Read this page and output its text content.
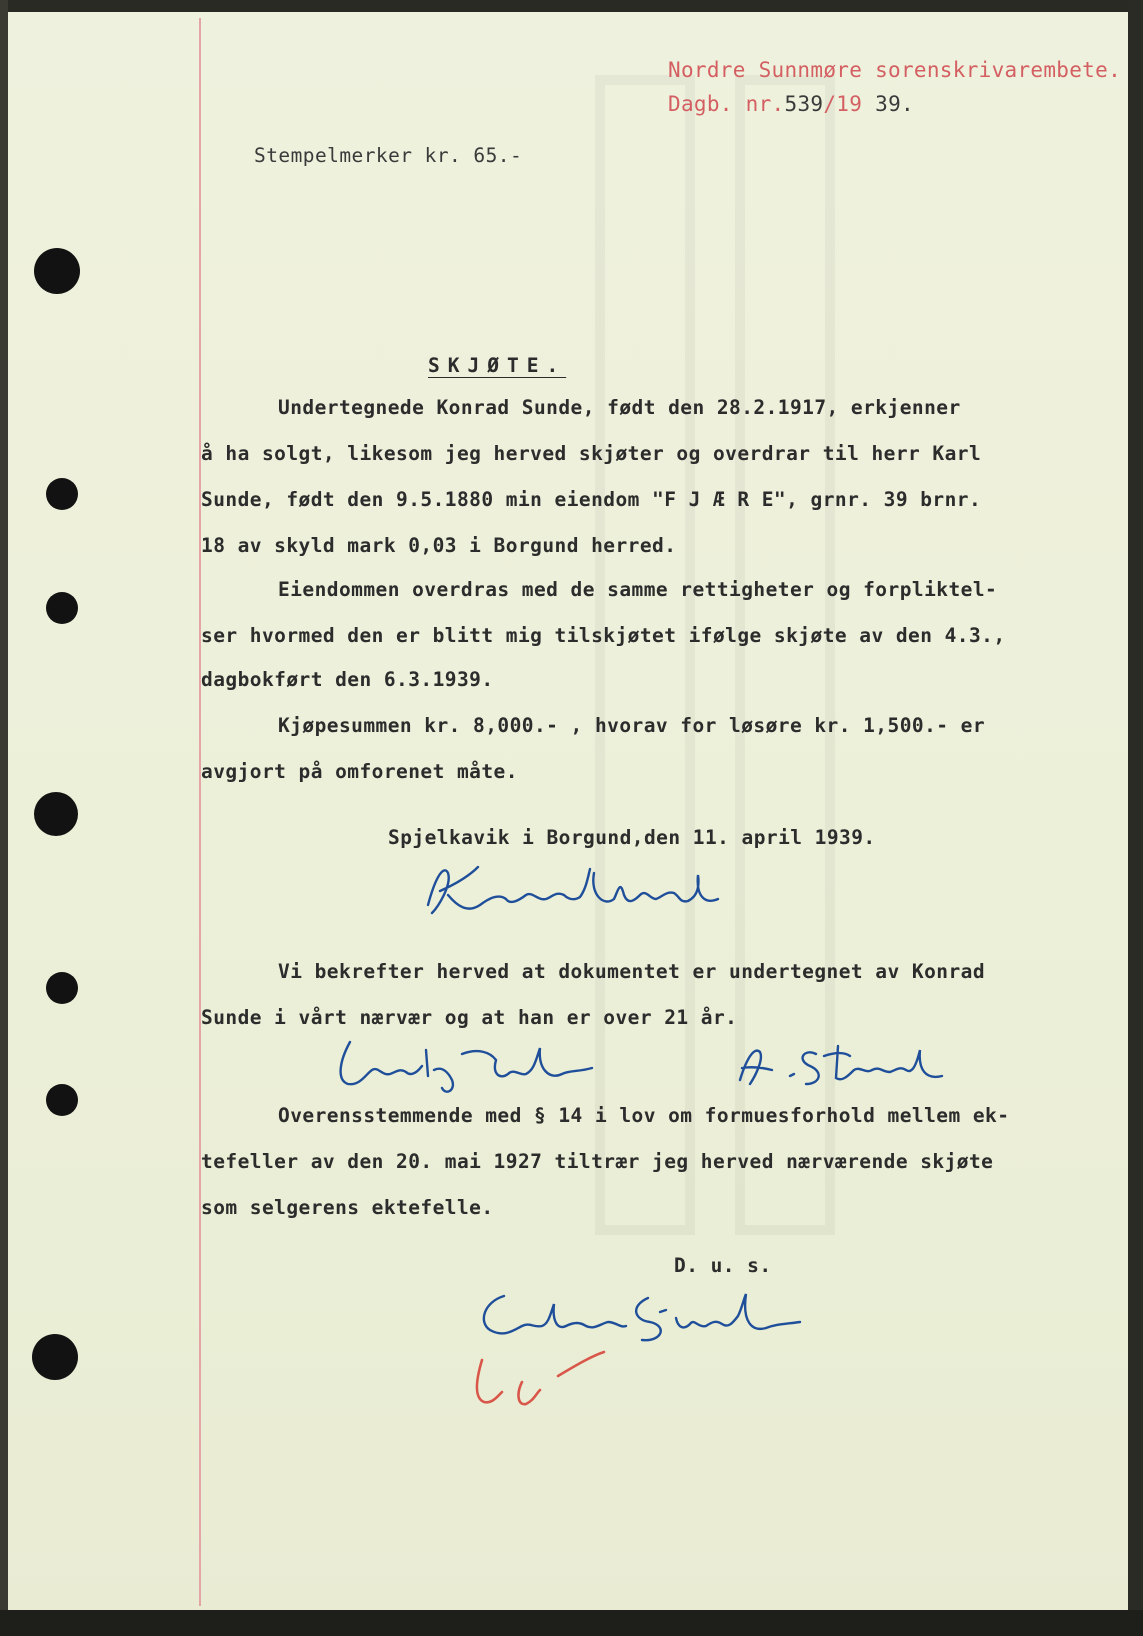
Nordre Sunnmøre sorenskrivarembete.
Dagb. nr.539/19 39.
Stempelmerker kr. 65.-
SKJØTE.
Undertegnede Konrad Sunde, født den 28.2.1917, erkjenner
å ha solgt, likesom jeg herved skjøter og overdrar til herr Karl
Sunde, født den 9.5.1880 min eiendom "F J Æ R E", grnr. 39 brnr.
18 av skyld mark 0,03 i Borgund herred.
Eiendommen overdras med de samme rettigheter og forpliktel-
ser hvormed den er blitt mig tilskjøtet ifølge skjøte av den 4.3.,
dagbokført den 6.3.1939.
Kjøpesummen kr. 8,000.- , hvorav for løsøre kr. 1,500.- er
avgjort på omforenet måte.
Spjelkavik i Borgund,den 11. april 1939.
Vi bekrefter herved at dokumentet er undertegnet av Konrad
Sunde i vårt nærvær og at han er over 21 år.
Overensstemmende med § 14 i lov om formuesforhold mellem ek-
tefeller av den 20. mai 1927 tiltrær jeg herved nærværende skjøte
som selgerens ektefelle.
D. u. s.
